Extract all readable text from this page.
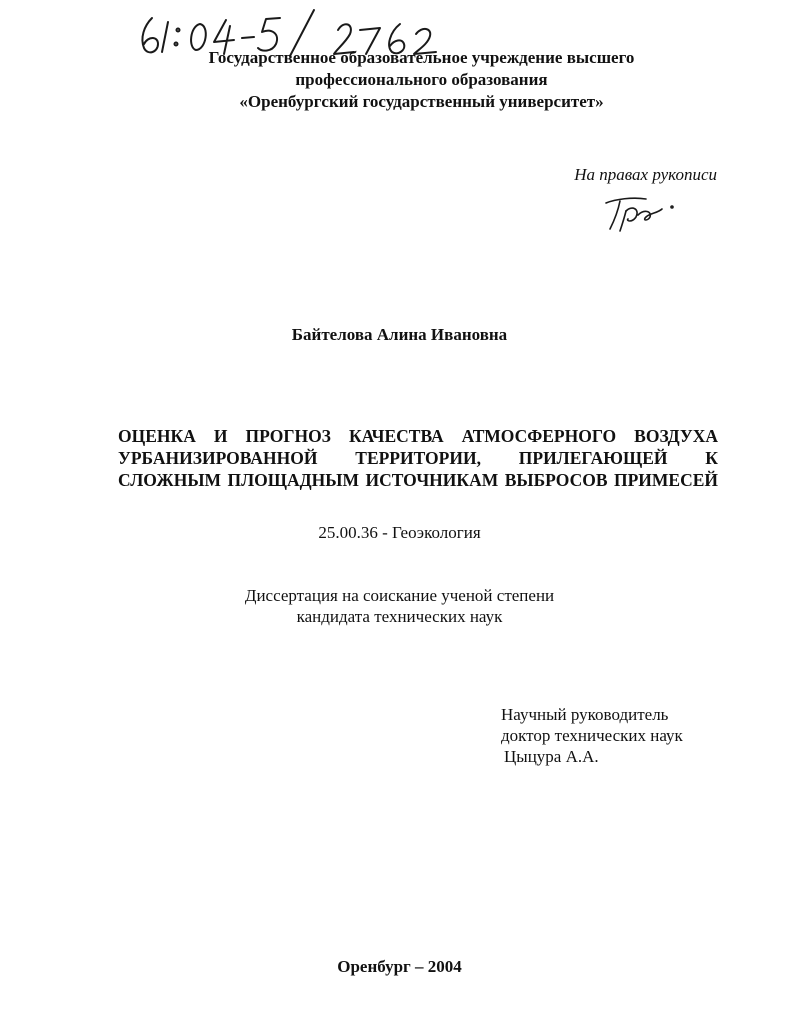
Государственное образовательное учреждение высшего
профессионального образования
«Оренбургский государственный университет»
На правах рукописи
Байтелова Алина Ивановна
ОЦЕНКА И ПРОГНОЗ КАЧЕСТВА АТМОСФЕРНОГО ВОЗДУХА
УРБАНИЗИРОВАННОЙ ТЕРРИТОРИИ, ПРИЛЕГАЮЩЕЙ К
СЛОЖНЫМ ПЛОЩАДНЫМ ИСТОЧНИКАМ ВЫБРОСОВ ПРИМЕСЕЙ
25.00.36 - Геоэкология
Диссертация на соискание ученой степени
кандидата технических наук
Научный руководитель
доктор технических наук
Цыцура А.А.
Оренбург – 2004
